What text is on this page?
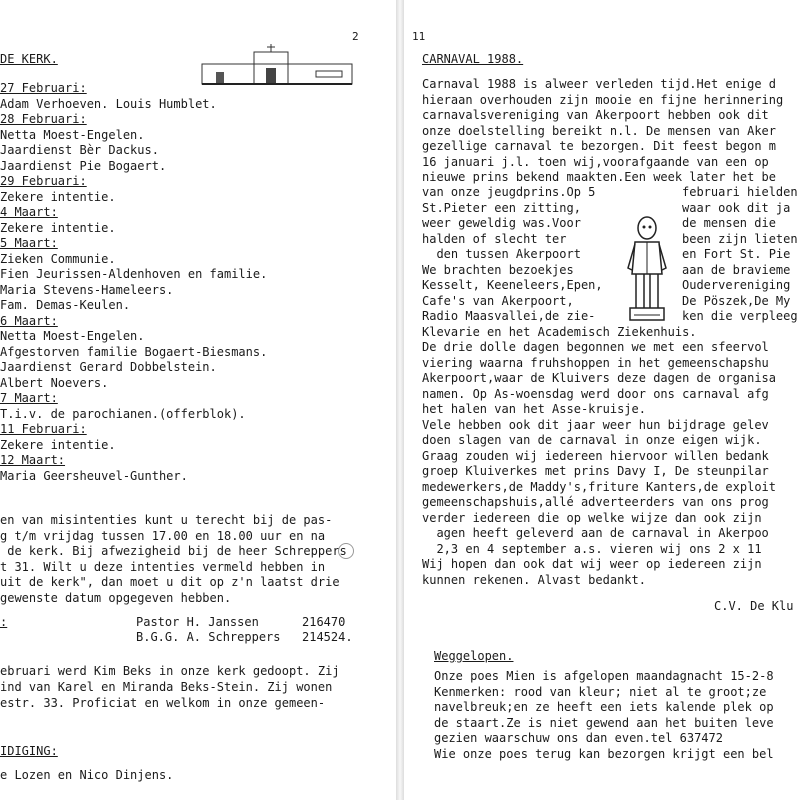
2
DE KERK.
27 Februari:
Adam Verhoeven. Louis Humblet.
28 Februari:
Netta Moest-Engelen.
Jaardienst Bèr Dackus.
Jaardienst Pie Bogaert.
29 Februari:
Zekere intentie.
4 Maart:
Zekere intentie.
5 Maart:
Zieken Communie.
Fien Jeurissen-Aldenhoven en familie.
Maria Stevens-Hameleers.
Fam. Demas-Keulen.
6 Maart:
Netta Moest-Engelen.
Afgestorven familie Bogaert-Biesmans.
Jaardienst Gerard Dobbelstein.
Albert Noevers.
7 Maart:
T.i.v. de parochianen.(offerblok).
11 Februari:
Zekere intentie.
12 Maart:
Maria Geersheuvel-Gunther.
en van misintenties kunt u terecht bij de pas-
g t/m vrijdag tussen 17.00 en 18.00 uur en na
de kerk. Bij afwezigheid bij de heer Schreppers
t 31. Wilt u deze intenties vermeld hebben in
uit de kerk", dan moet u dit op z'n laatst drie
gewenste datum opgegeven hebben.
:	Pastor H. Janssen	216470
B.G.G. A. Schreppers 214524.
ebruari werd Kim Beks in onze kerk gedoopt. Zij
ind van Karel en Miranda Beks-Stein. Zij wonen
estr. 33. Proficiat en welkom in onze gemeen-
IDIGING:
e Lozen en Nico Dinjens.
11
CARNAVAL 1988.
Carnaval 1988 is alweer verleden tijd.Het enige d
hieraan overhouden zijn mooie en fijne herinnering
carnavalsvereniging van Akerpoort hebben ook dit
onze doelstelling bereikt n.l. De mensen van Aker
gezellige carnaval te bezorgen. Dit feest begon m
16 januari j.l. toen wij,voorafgaande van een op
nieuwe prins bekend maakten.Een week later het be
van onze jeugdprins.Op 5
St.Pieter een zitting,
weer geweldig was.Voor
halden of slecht ter
den tussen Akerpoort
We brachten bezoekjes
Kesselt, Keeneleers,Epen,
Cafe's van Akerpoort,
Radio Maasvallei,de zie-
Klevarie en het Academisch Ziekenhuis.
februari hielden
waar ook dit ja
de mensen die
been zijn lieten
en Fort St. Pie
aan de bravieme
Oudervereniging
De Pöszek,De My
ken die verpleeg
De drie dolle dagen begonnen we met een sfeervol
viering waarna fruhshoppen in het gemeenschapshu
Akerpoort,waar de Kluivers deze dagen de organisa
namen. Op As-woensdag werd door ons carnaval afg
het halen van het Asse-kruisje.
Vele hebben ook dit jaar weer hun bijdrage gelev
doen slagen van de carnaval in onze eigen wijk.
Graag zouden wij iedereen hiervoor willen bedank
groep Kluiverkes met prins Davy I, De steunpilar
medewerkers,de Maddy's,friture Kanters,de exploit
gemeenschapshuis,allé adverteerders van ons prog
verder iedereen die op welke wijze dan ook zijn
agen heeft geleverd aan de carnaval in Akerpoo
2,3 en 4 september a.s. vieren wij ons 2 x 11
Wij hopen dan ook dat wij weer op iedereen zijn
kunnen rekenen. Alvast bedankt.
C.V. De Klu
Weggelopen.
Onze poes Mien is afgelopen maandagnacht 15-2-8
Kenmerken: rood van kleur; niet al te groot;ze
navelbreuk;en ze heeft een iets kalende plek op
de staart.Ze is niet gewend aan het buiten leve
gezien waarschuw ons dan even.tel 637472
Wie onze poes terug kan bezorgen krijgt een bel
